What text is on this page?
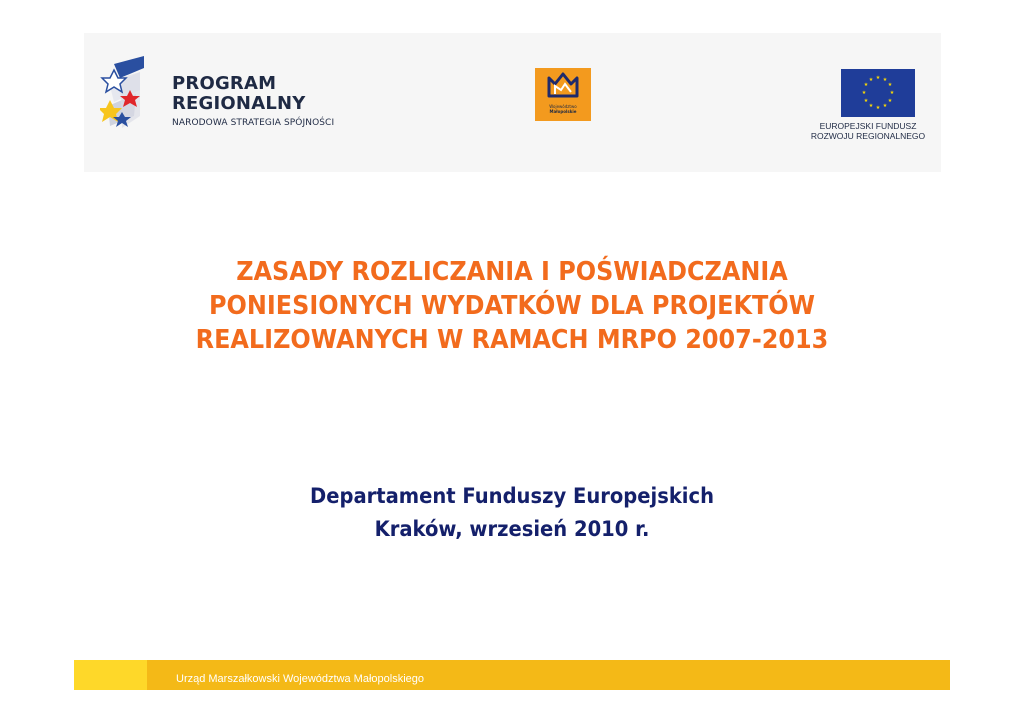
PROGRAM
REGIONALNY
NARODOWA STRATEGIA SPÓJNOŚCI
Województwo
Małopolskie
★ ★
★
★
★
★
★
★
★
★
★
★
EUROPEJSKI FUNDUSZ
ROZWOJU REGIONALNEGO
ZASADY ROZLICZANIA I POŚWIADCZANIA
PONIESIONYCH WYDATKÓW DLA PROJEKTÓW
REALIZOWANYCH W RAMACH MRPO 2007-2013
Departament Funduszy Europejskich
Kraków, wrzesień 2010 r.
Urząd Marszałkowski Województwa Małopolskiego
